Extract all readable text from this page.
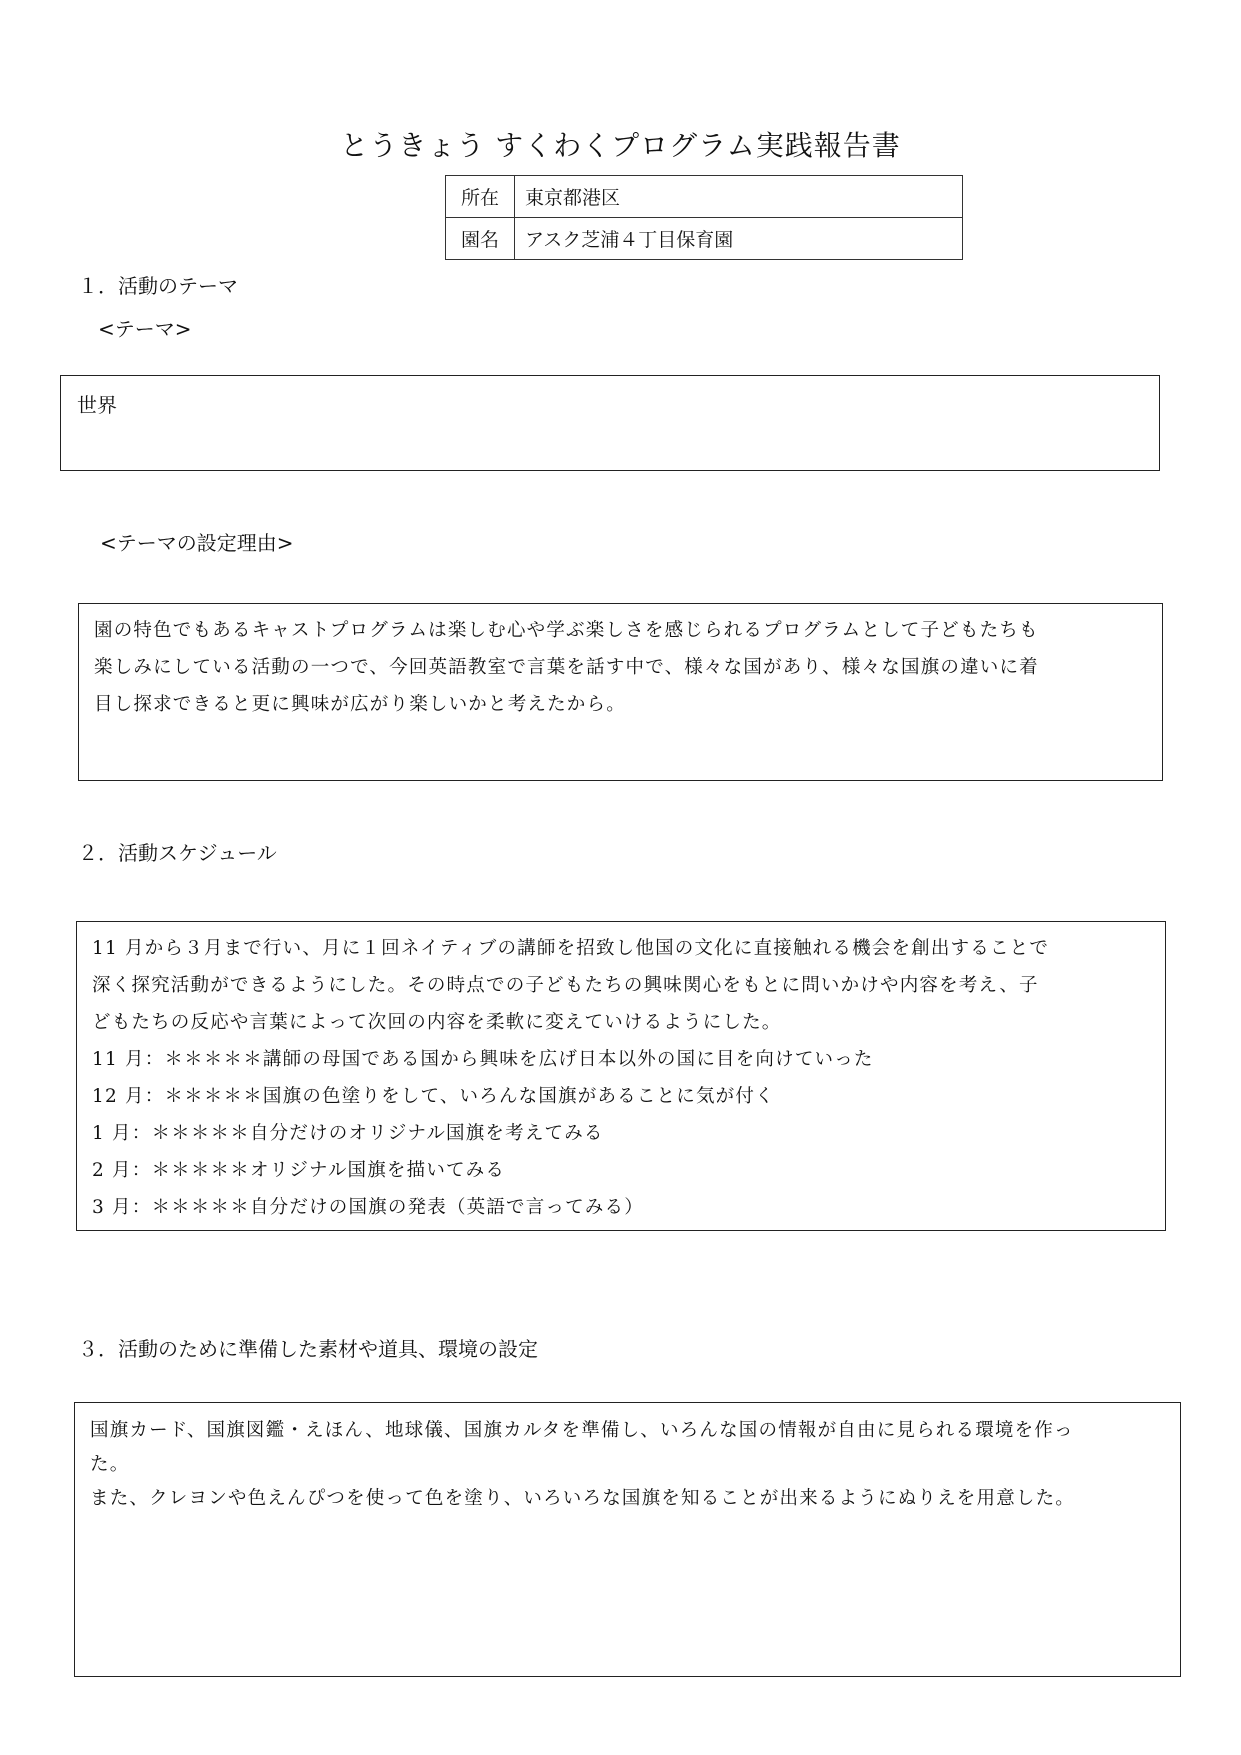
とうきょう すくわくプログラム実践報告書
所在	東京都港区
園名	アスク芝浦４丁目保育園
１．活動のテーマ
<テーマ>
世界
<テーマの設定理由>
園の特色でもあるキャストプログラムは楽しむ心や学ぶ楽しさを感じられるプログラムとして子どもたちも
楽しみにしている活動の一つで、今回英語教室で言葉を話す中で、様々な国があり、様々な国旗の違いに着
目し探求できると更に興味が広がり楽しいかと考えたから。
２．活動スケジュール
11 月から３月まで行い、月に１回ネイティブの講師を招致し他国の文化に直接触れる機会を創出することで
深く探究活動ができるようにした。その時点での子どもたちの興味関心をもとに問いかけや内容を考え、子
どもたちの反応や言葉によって次回の内容を柔軟に変えていけるようにした。
11 月：＊＊＊＊＊講師の母国である国から興味を広げ日本以外の国に目を向けていった
12 月：＊＊＊＊＊国旗の色塗りをして、いろんな国旗があることに気が付く
1 月：＊＊＊＊＊自分だけのオリジナル国旗を考えてみる
2 月：＊＊＊＊＊オリジナル国旗を描いてみる
3 月：＊＊＊＊＊自分だけの国旗の発表（英語で言ってみる）
３．活動のために準備した素材や道具、環境の設定
国旗カード、国旗図鑑・えほん、地球儀、国旗カルタを準備し、いろんな国の情報が自由に見られる環境を作っ
た。
また、クレヨンや色えんぴつを使って色を塗り、いろいろな国旗を知ることが出来るようにぬりえを用意した。
